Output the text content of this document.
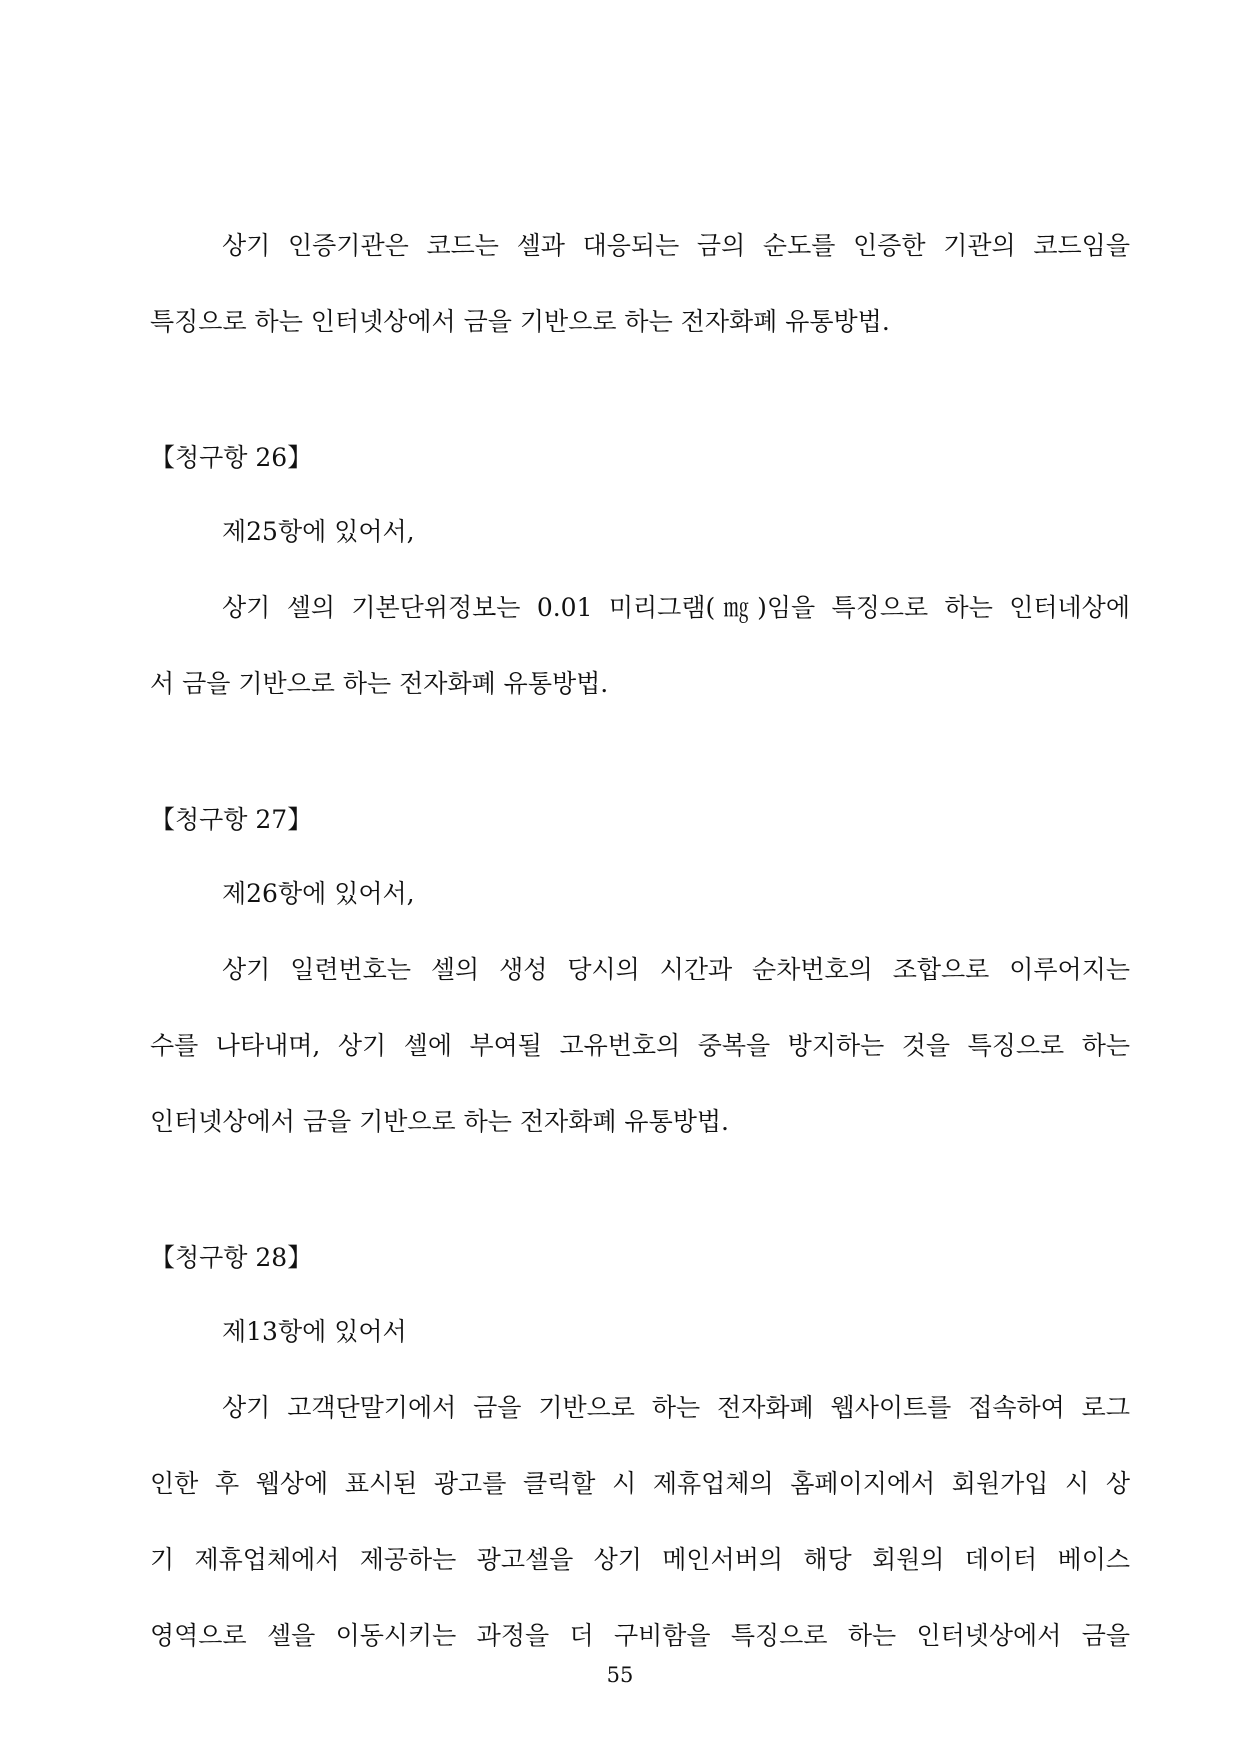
상기 인증기관은 코드는 셀과 대응되는 금의 순도를 인증한 기관의 코드임을
특징으로 하는 인터넷상에서 금을 기반으로 하는 전자화폐 유통방법.
【청구항 26】
제25항에 있어서,
상기 셀의 기본단위정보는 0.01 미리그램(㎎)임을 특징으로 하는 인터네상에
서 금을 기반으로 하는 전자화폐 유통방법.
【청구항 27】
제26항에 있어서,
상기 일련번호는 셀의 생성 당시의 시간과 순차번호의 조합으로 이루어지는
수를 나타내며, 상기 셀에 부여될 고유번호의 중복을 방지하는 것을 특징으로 하는
인터넷상에서 금을 기반으로 하는 전자화폐 유통방법.
【청구항 28】
제13항에 있어서
상기 고객단말기에서 금을 기반으로 하는 전자화폐 웹사이트를 접속하여 로그
인한 후 웹상에 표시된 광고를 클릭할 시 제휴업체의 홈페이지에서 회원가입 시 상
기 제휴업체에서 제공하는 광고셀을 상기 메인서버의 해당 회원의 데이터 베이스
영역으로 셀을 이동시키는 과정을 더 구비함을 특징으로 하는 인터넷상에서 금을
55
